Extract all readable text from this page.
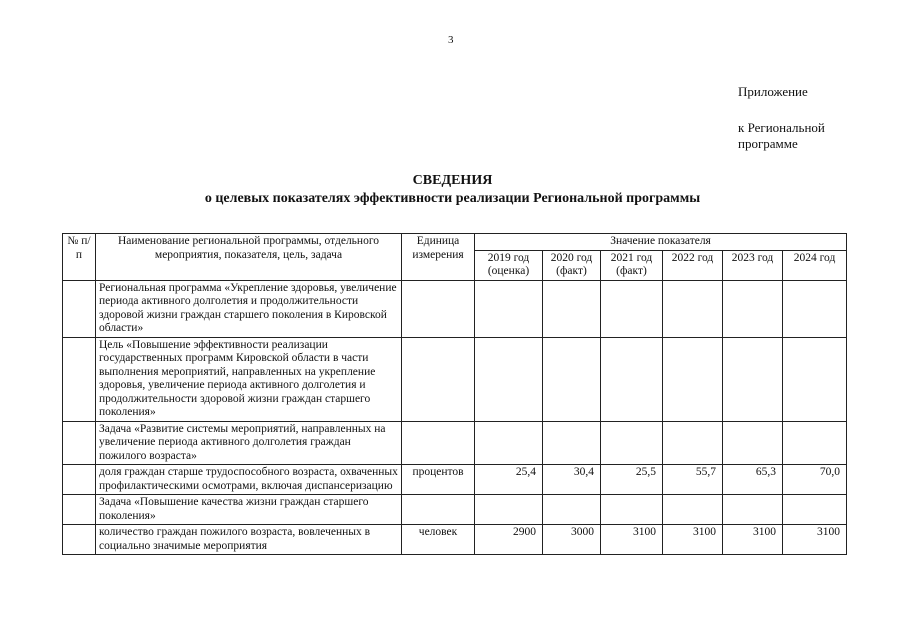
3
Приложение
к Региональной
программе
СВЕДЕНИЯ
о целевых показателях эффективности реализации Региональной программы
№ п/п	Наименование региональной программы, отдельного мероприятия, показателя, цель, задача	Единица измерения	Значение показателя					
			2019 год (оценка)	2020 год (факт)	2021 год (факт)	2022 год	2023 год	2024 год
	Региональная программа «Укрепление здоровья, увеличение периода активного долголетия и продолжительности здоровой жизни граждан старшего поколения в Кировской области»							
	Цель «Повышение эффективности реализации государственных программ Кировской области в части выполнения мероприятий, направленных на укрепление здоровья, увеличение периода активного долголетия и продолжительности здоровой жизни граждан старшего поколения»							
	Задача «Развитие системы мероприятий, направленных на увеличение периода активного долголетия граждан пожилого возраста»							
	доля граждан старше трудоспособного возраста, охваченных профилактическими осмотрами, включая диспансеризацию	процентов	25,4	30,4	25,5	55,7	65,3	70,0
	Задача «Повышение качества жизни граждан старшего поколения»							
	количество граждан пожилого возраста, вовлеченных в социально значимые мероприятия	человек	2900	3000	3100	3100	3100	3100
